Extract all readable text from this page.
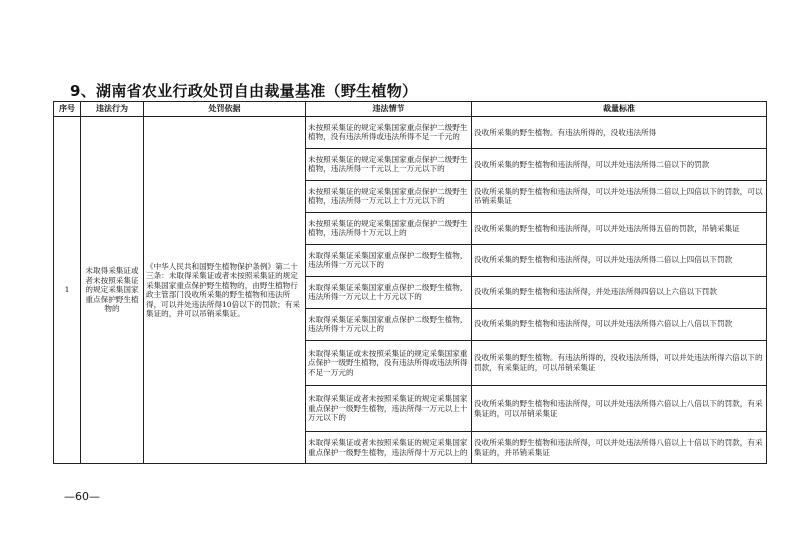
9、湖南省农业行政处罚自由裁量基准（野生植物）
序号	违法行为	处罚依据	违法情节	裁量标准
1	未取得采集证或者未按照采集证的规定采集国家重点保护野生植物的	《中华人民共和国野生植物保护条例》第二十三条：未取得采集证或者未按照采集证的规定采集国家重点保护野生植物的，由野生植物行政主管部门没收所采集的野生植物和违法所得，可以并处违法所得10倍以下的罚款；有采集证的，并可以吊销采集证。	未按照采集证的规定采集国家重点保护二级野生植物，没有违法所得或违法所得不足一千元的	没收所采集的野生植物。有违法所得的，没收违法所得
			未按照采集证的规定采集国家重点保护二级野生植物，违法所得一千元以上一万元以下的	没收所采集的野生植物和违法所得，可以并处违法所得二倍以下的罚款
			未按照采集证的规定采集国家重点保护二级野生植物，违法所得一万元以上十万元以下的	没收所采集的野生植物和违法所得，可以并处违法所得二倍以上四倍以下的罚款，可以吊销采集证
			未按照采集证的规定采集国家重点保护二级野生植物，违法所得十万元以上的	没收所采集的野生植物和违法所得，可以并处违法所得五倍的罚款，吊销采集证
			未取得采集证采集国家重点保护二级野生植物，违法所得一万元以下的	没收所采集的野生植物和违法所得，可以并处违法所得二倍以上四倍以下罚款
			未取得采集证采集国家重点保护二级野生植物，违法所得一万元以上十万元以下的	没收所采集的野生植物和违法所得，并处违法所得四倍以上六倍以下罚款
			未取得采集证采集国家重点保护二级野生植物，违法所得十万元以上的	没收所采集的野生植物和违法所得，可以并处违法所得六倍以上八倍以下罚款
			未取得采集证或未按照采集证的规定采集国家重点保护一级野生植物，没有违法所得或违法所得不足一万元的	没收所采集的野生植物。有违法所得的，没收违法所得，可以并处违法所得六倍以下的罚款，有采集证的，可以吊销采集证
			未取得采集证或者未按照采集证的规定采集国家重点保护一级野生植物，违法所得一万元以上十万元以下的	没收所采集的野生植物和违法所得，可以并处违法所得六倍以上八倍以下的罚款，有采集证的，可以吊销采集证
			未取得采集证或者未按照采集证的规定采集国家重点保护一级野生植物，违法所得十万元以上的	没收所采集的野生植物和违法所得，可以并处违法所得八倍以上十倍以下的罚款，有采集证的，并吊销采集证
—60—
